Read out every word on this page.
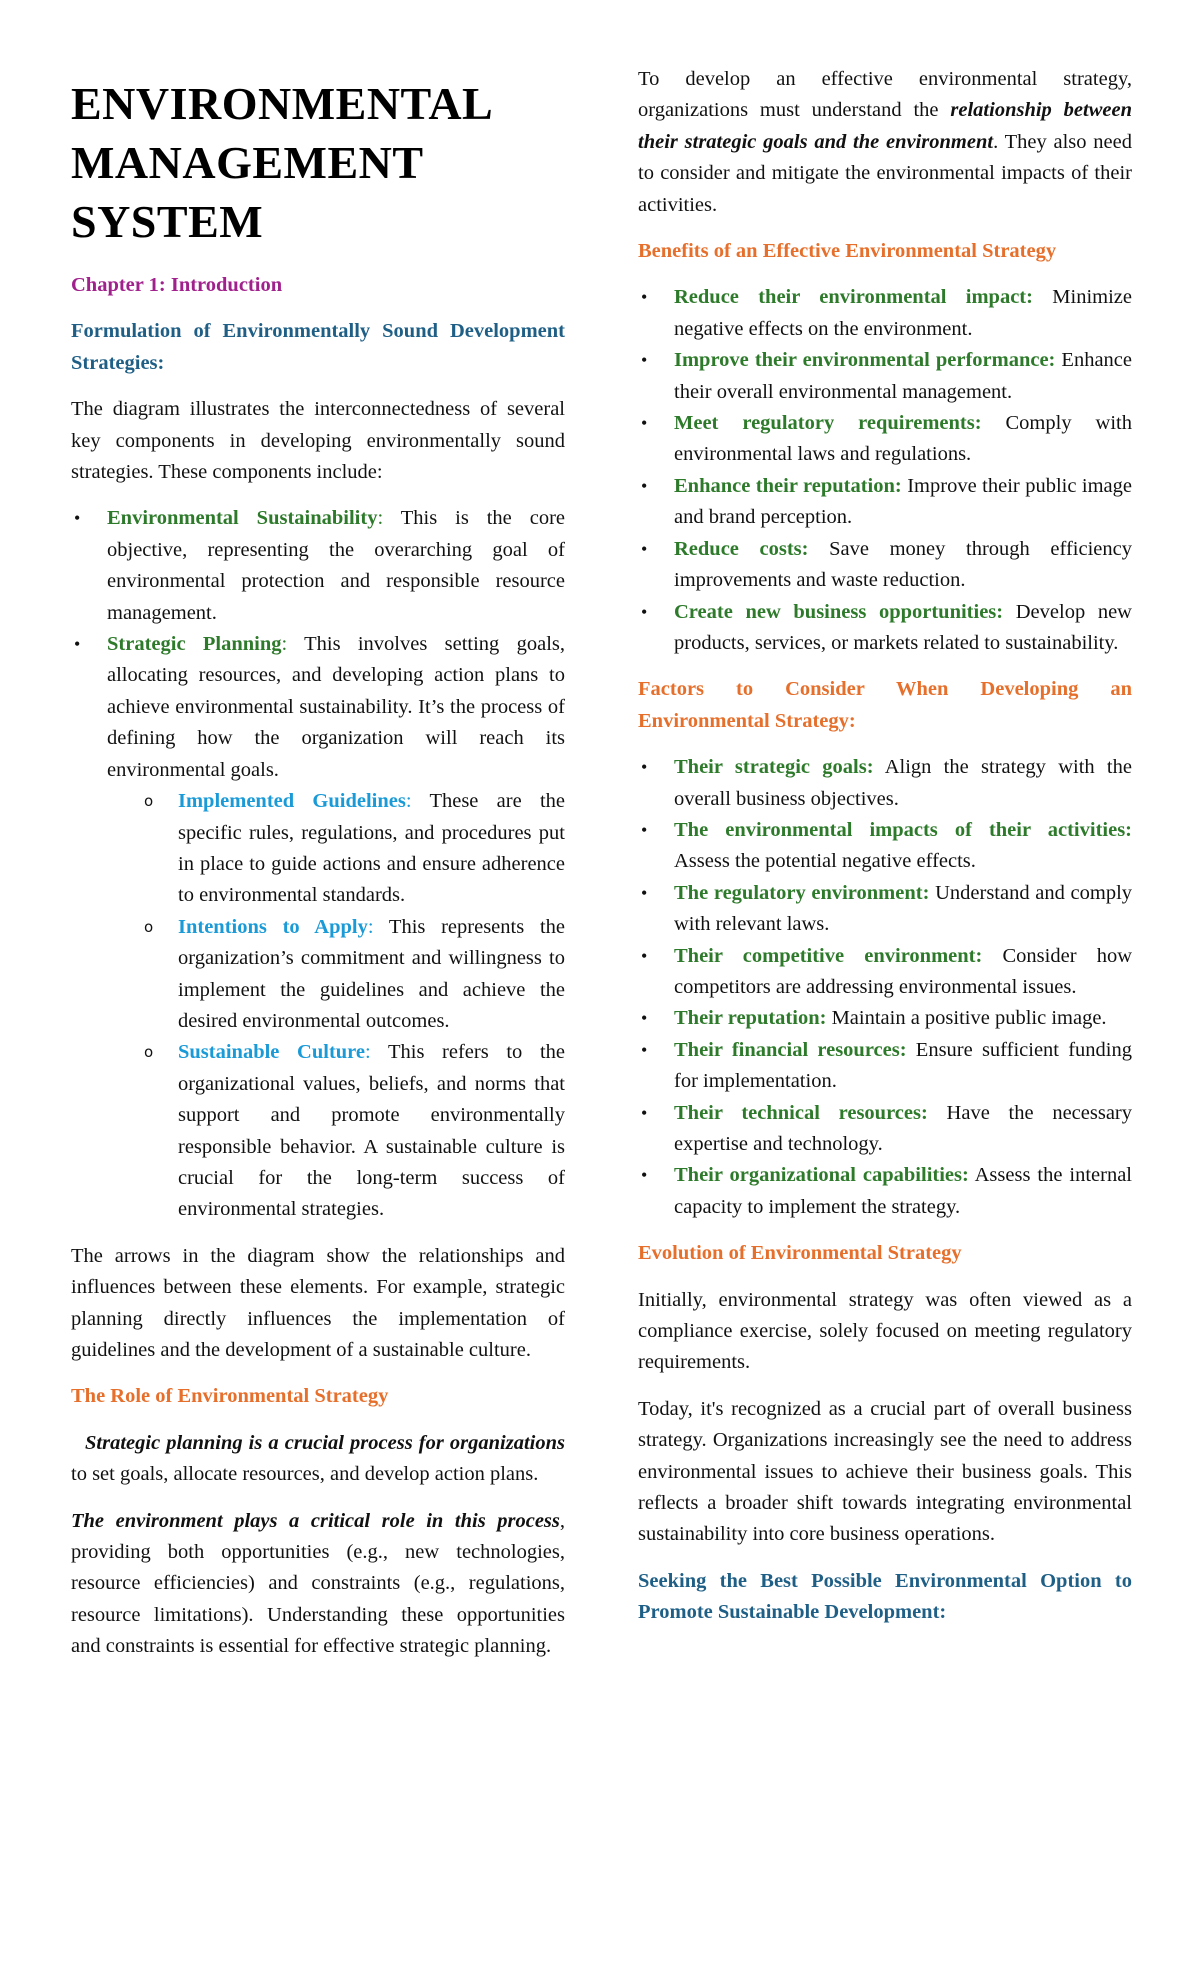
ENVIRONMENTAL MANAGEMENT SYSTEM

Chapter 1: Introduction

Formulation of Environmentally Sound Development Strategies:

The diagram illustrates the interconnectedness of several key components in developing environmentally sound strategies. These components include:

• Environmental Sustainability: This is the core objective, representing the overarching goal of environmental protection and responsible resource management.
• Strategic Planning: This involves setting goals, allocating resources, and developing action plans to achieve environmental sustainability. It’s the process of defining how the organization will reach its environmental goals.
o Implemented Guidelines: These are the specific rules, regulations, and procedures put in place to guide actions and ensure adherence to environmental standards.
o Intentions to Apply: This represents the organization’s commitment and willingness to implement the guidelines and achieve the desired environmental outcomes.
o Sustainable Culture: This refers to the organizational values, beliefs, and norms that support and promote environmentally responsible behavior. A sustainable culture is crucial for the long-term success of environmental strategies.

The arrows in the diagram show the relationships and influences between these elements. For example, strategic planning directly influences the implementation of guidelines and the development of a sustainable culture.

The Role of Environmental Strategy

Strategic planning is a crucial process for organizations to set goals, allocate resources, and develop action plans.

The environment plays a critical role in this process, providing both opportunities (e.g., new technologies, resource efficiencies) and constraints (e.g., regulations, resource limitations). Understanding these opportunities and constraints is essential for effective strategic planning.

To develop an effective environmental strategy, organizations must understand the relationship between their strategic goals and the environment. They also need to consider and mitigate the environmental impacts of their activities.

Benefits of an Effective Environmental Strategy

• Reduce their environmental impact: Minimize negative effects on the environment.
• Improve their environmental performance: Enhance their overall environmental management.
• Meet regulatory requirements: Comply with environmental laws and regulations.
• Enhance their reputation: Improve their public image and brand perception.
• Reduce costs: Save money through efficiency improvements and waste reduction.
• Create new business opportunities: Develop new products, services, or markets related to sustainability.

Factors to Consider When Developing an Environmental Strategy:

• Their strategic goals: Align the strategy with the overall business objectives.
• The environmental impacts of their activities: Assess the potential negative effects.
• The regulatory environment: Understand and comply with relevant laws.
• Their competitive environment: Consider how competitors are addressing environmental issues.
• Their reputation: Maintain a positive public image.
• Their financial resources: Ensure sufficient funding for implementation.
• Their technical resources: Have the necessary expertise and technology.
• Their organizational capabilities: Assess the internal capacity to implement the strategy.

Evolution of Environmental Strategy

Initially, environmental strategy was often viewed as a compliance exercise, solely focused on meeting regulatory requirements.

Today, it's recognized as a crucial part of overall business strategy. Organizations increasingly see the need to address environmental issues to achieve their business goals. This reflects a broader shift towards integrating environmental sustainability into core business operations.

Seeking the Best Possible Environmental Option to Promote Sustainable Development:
